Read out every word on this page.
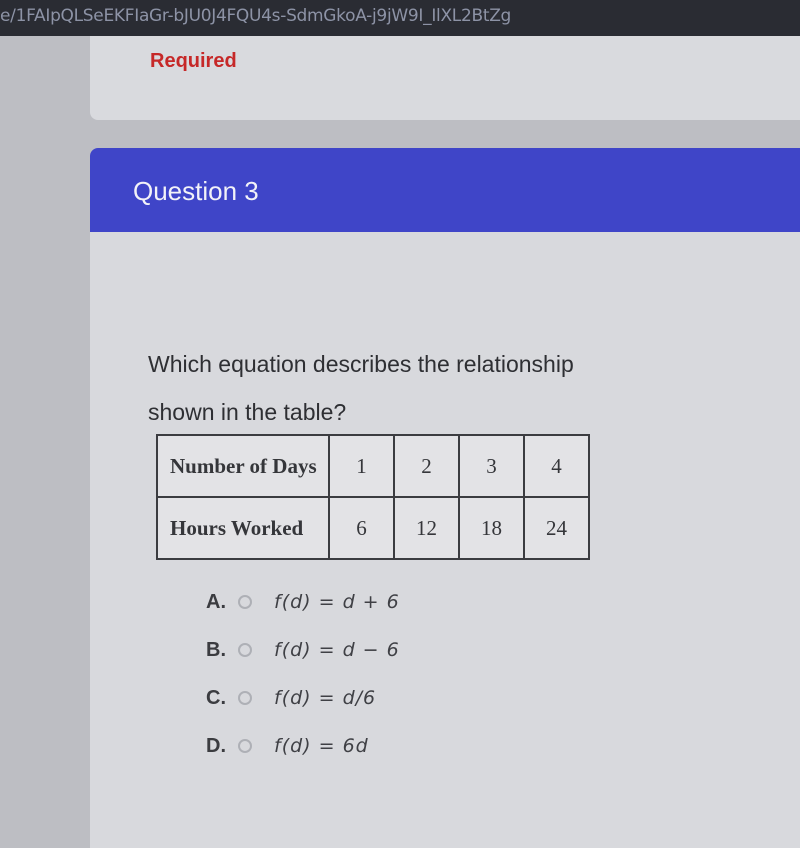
e/1FAIpQLSeEKFIaGr-bJU0J4FQU4s-SdmGkoA-j9jW9I_IlXL2BtZg
Required
Question 3
Which equation describes the relationship shown in the table?
Number of Days	1	2	3	4
Hours Worked	6	12	18	24
A.	f(d) = d + 6
B.	f(d) = d − 6
C.	f(d) = d/6
D.	f(d) = 6d
